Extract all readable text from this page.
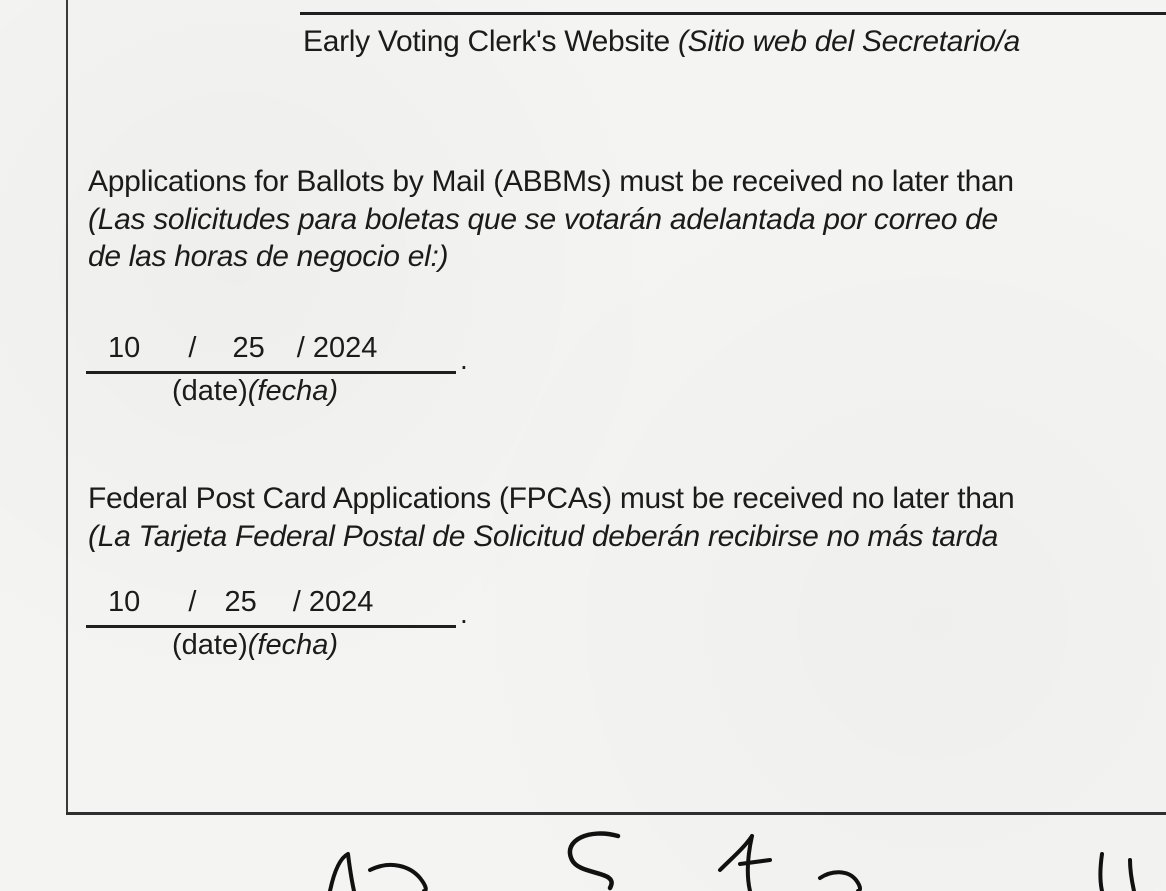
Early Voting Clerk's Website (Sitio web del Secretario/a
Applications for Ballots by Mail (ABBMs) must be received no later than
(Las solicitudes para boletas que se votarán adelantada por correo de
de las horas de negocio el:)
10 / 25 / 2024	.
(date)(fecha)
Federal Post Card Applications (FPCAs) must be received no later than
(La Tarjeta Federal Postal de Solicitud deberán recibirse no más tarda
10 / 25 / 2024	.
(date)(fecha)
